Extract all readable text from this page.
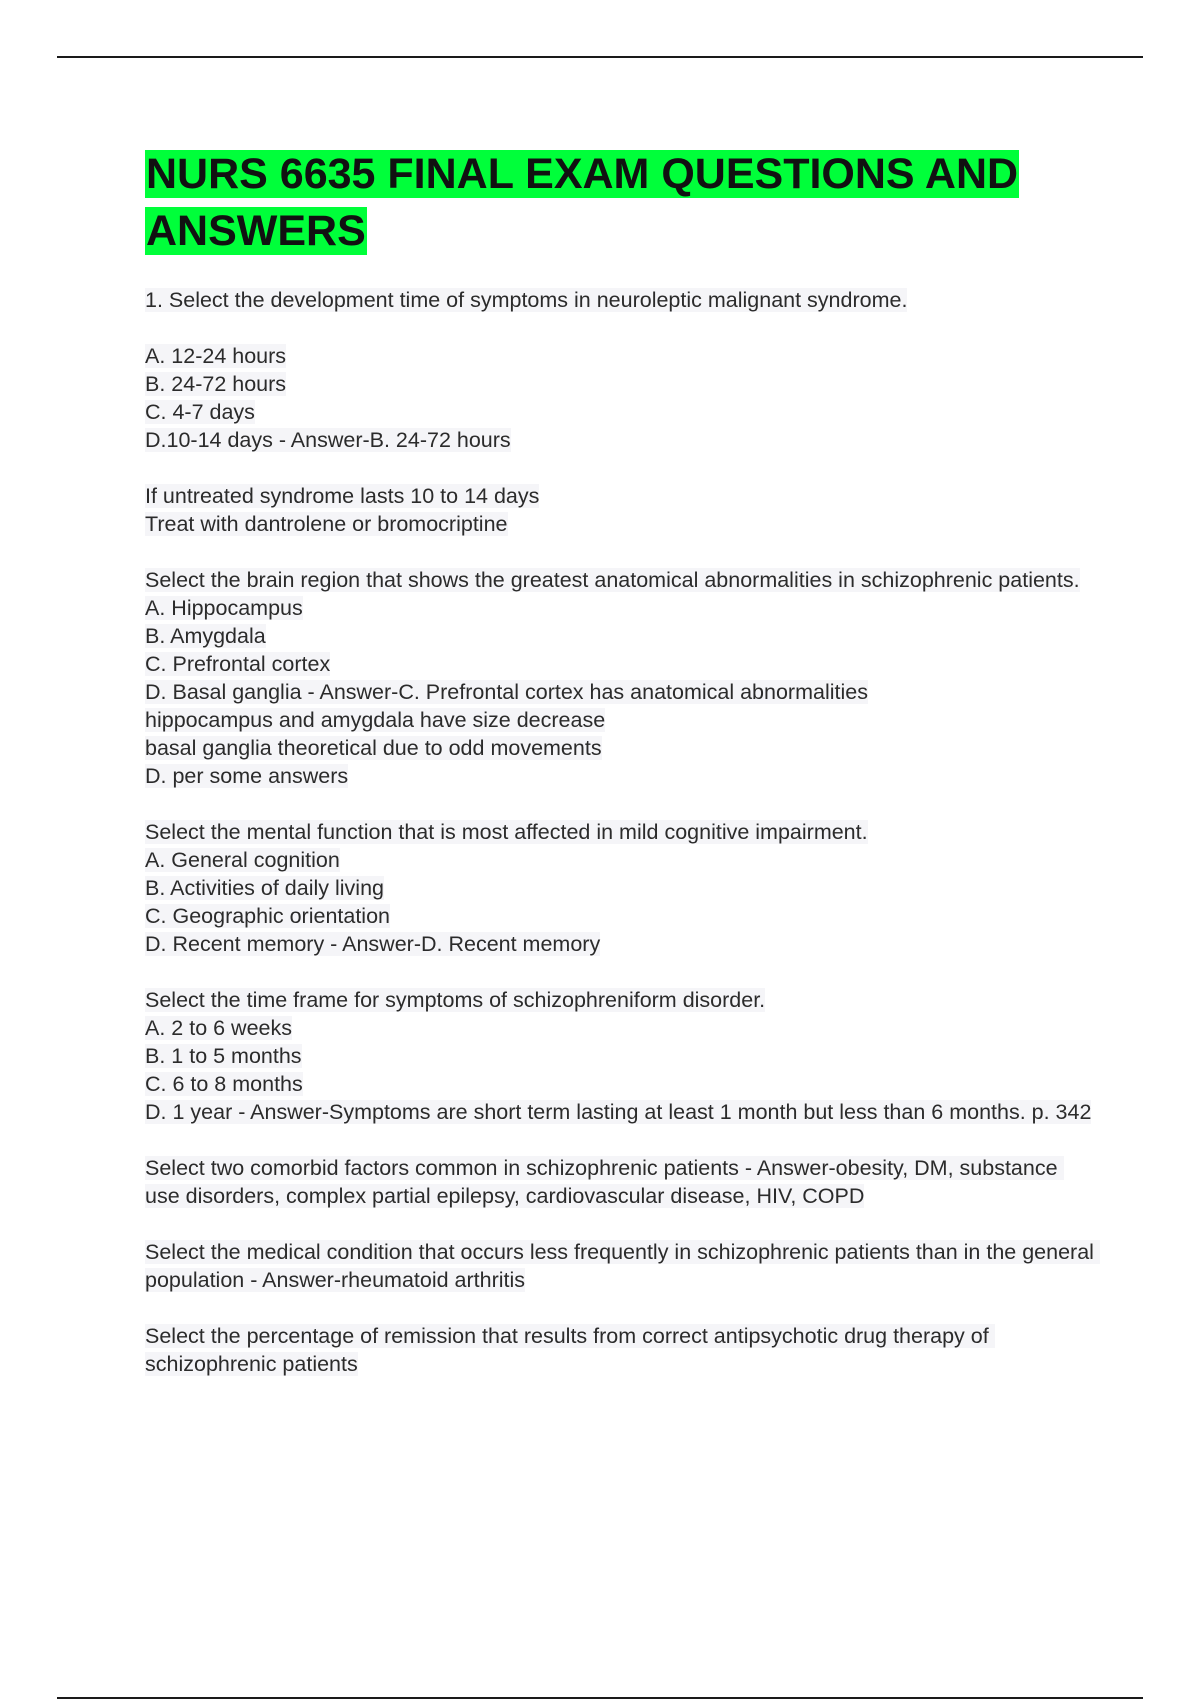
NURS 6635 FINAL EXAM QUESTIONS AND ANSWERS
1. Select the development time of symptoms in neuroleptic malignant syndrome.
A. 12-24 hours
B. 24-72 hours
C. 4-7 days
D.10-14 days - Answer-B. 24-72 hours
If untreated syndrome lasts 10 to 14 days
Treat with dantrolene or bromocriptine
Select the brain region that shows the greatest anatomical abnormalities in schizophrenic patients.
A. Hippocampus
B. Amygdala
C. Prefrontal cortex
D. Basal ganglia - Answer-C. Prefrontal cortex has anatomical abnormalities
hippocampus and amygdala have size decrease
basal ganglia theoretical due to odd movements
D. per some answers
Select the mental function that is most affected in mild cognitive impairment.
A. General cognition
B. Activities of daily living
C. Geographic orientation
D. Recent memory - Answer-D. Recent memory
Select the time frame for symptoms of schizophreniform disorder.
A. 2 to 6 weeks
B. 1 to 5 months
C. 6 to 8 months
D. 1 year - Answer-Symptoms are short term lasting at least 1 month but less than 6 months. p. 342
Select two comorbid factors common in schizophrenic patients - Answer-obesity, DM, substance use disorders, complex partial epilepsy, cardiovascular disease, HIV, COPD
Select the medical condition that occurs less frequently in schizophrenic patients than in the general population - Answer-rheumatoid arthritis
Select the percentage of remission that results from correct antipsychotic drug therapy of schizophrenic patients
